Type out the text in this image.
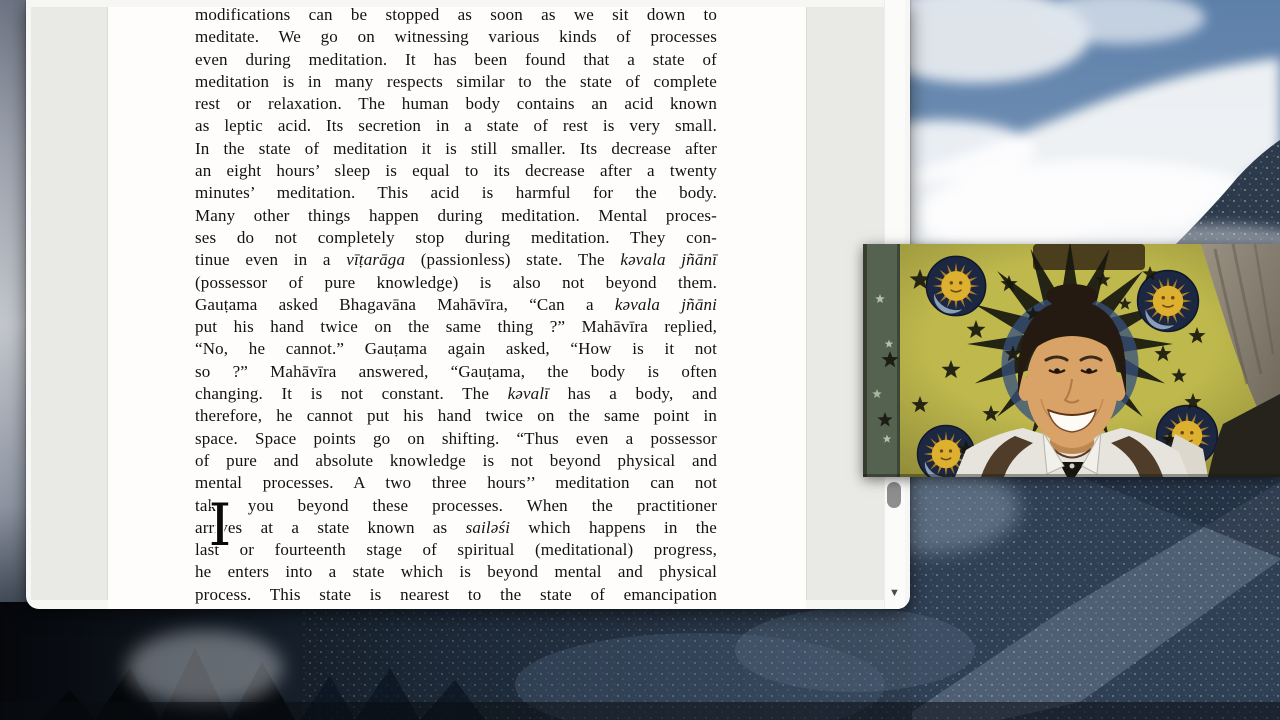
modifications can be stopped as soon as we sit down to
meditate. We go on witnessing various kinds of processes
even during meditation. It has been found that a state of
meditation is in many respects similar to the state of complete
rest or relaxation. The human body contains an acid known
as leptic acid. Its secretion in a state of rest is very small.
In the state of meditation it is still smaller. Its decrease after
an eight hours’ sleep is equal to its decrease after a twenty
minutes’ meditation. This acid is harmful for the body.
Many other things happen during meditation. Mental proces-
ses do not completely stop during meditation. They con-
tinue even in a vīṭarāga (passionless) state. The kəvala jñānī
(possessor of pure knowledge) is also not beyond them.
Gauṭama asked Bhagavāna Mahāvīra, “Can a kəvala jñāni
put his hand twice on the same thing ?” Mahāvīra replied,
“No, he cannot.” Gauṭama again asked, “How is it not
so ?” Mahāvīra answered, “Gauṭama, the body is often
changing. It is not constant. The kəvalī has a body, and
therefore, he cannot put his hand twice on the same point in
space. Space points go on shifting. “Thus even a possessor
of pure and absolute knowledge is not beyond physical and
mental processes. A two three hours’’ meditation can not
take you beyond these processes. When the practitioner
arrives at a state known as sailəśi which happens in the
last or fourteenth stage of spiritual (meditational) progress,
he enters into a state which is beyond mental and physical
process. This state is nearest to the state of emancipation	▼
I
